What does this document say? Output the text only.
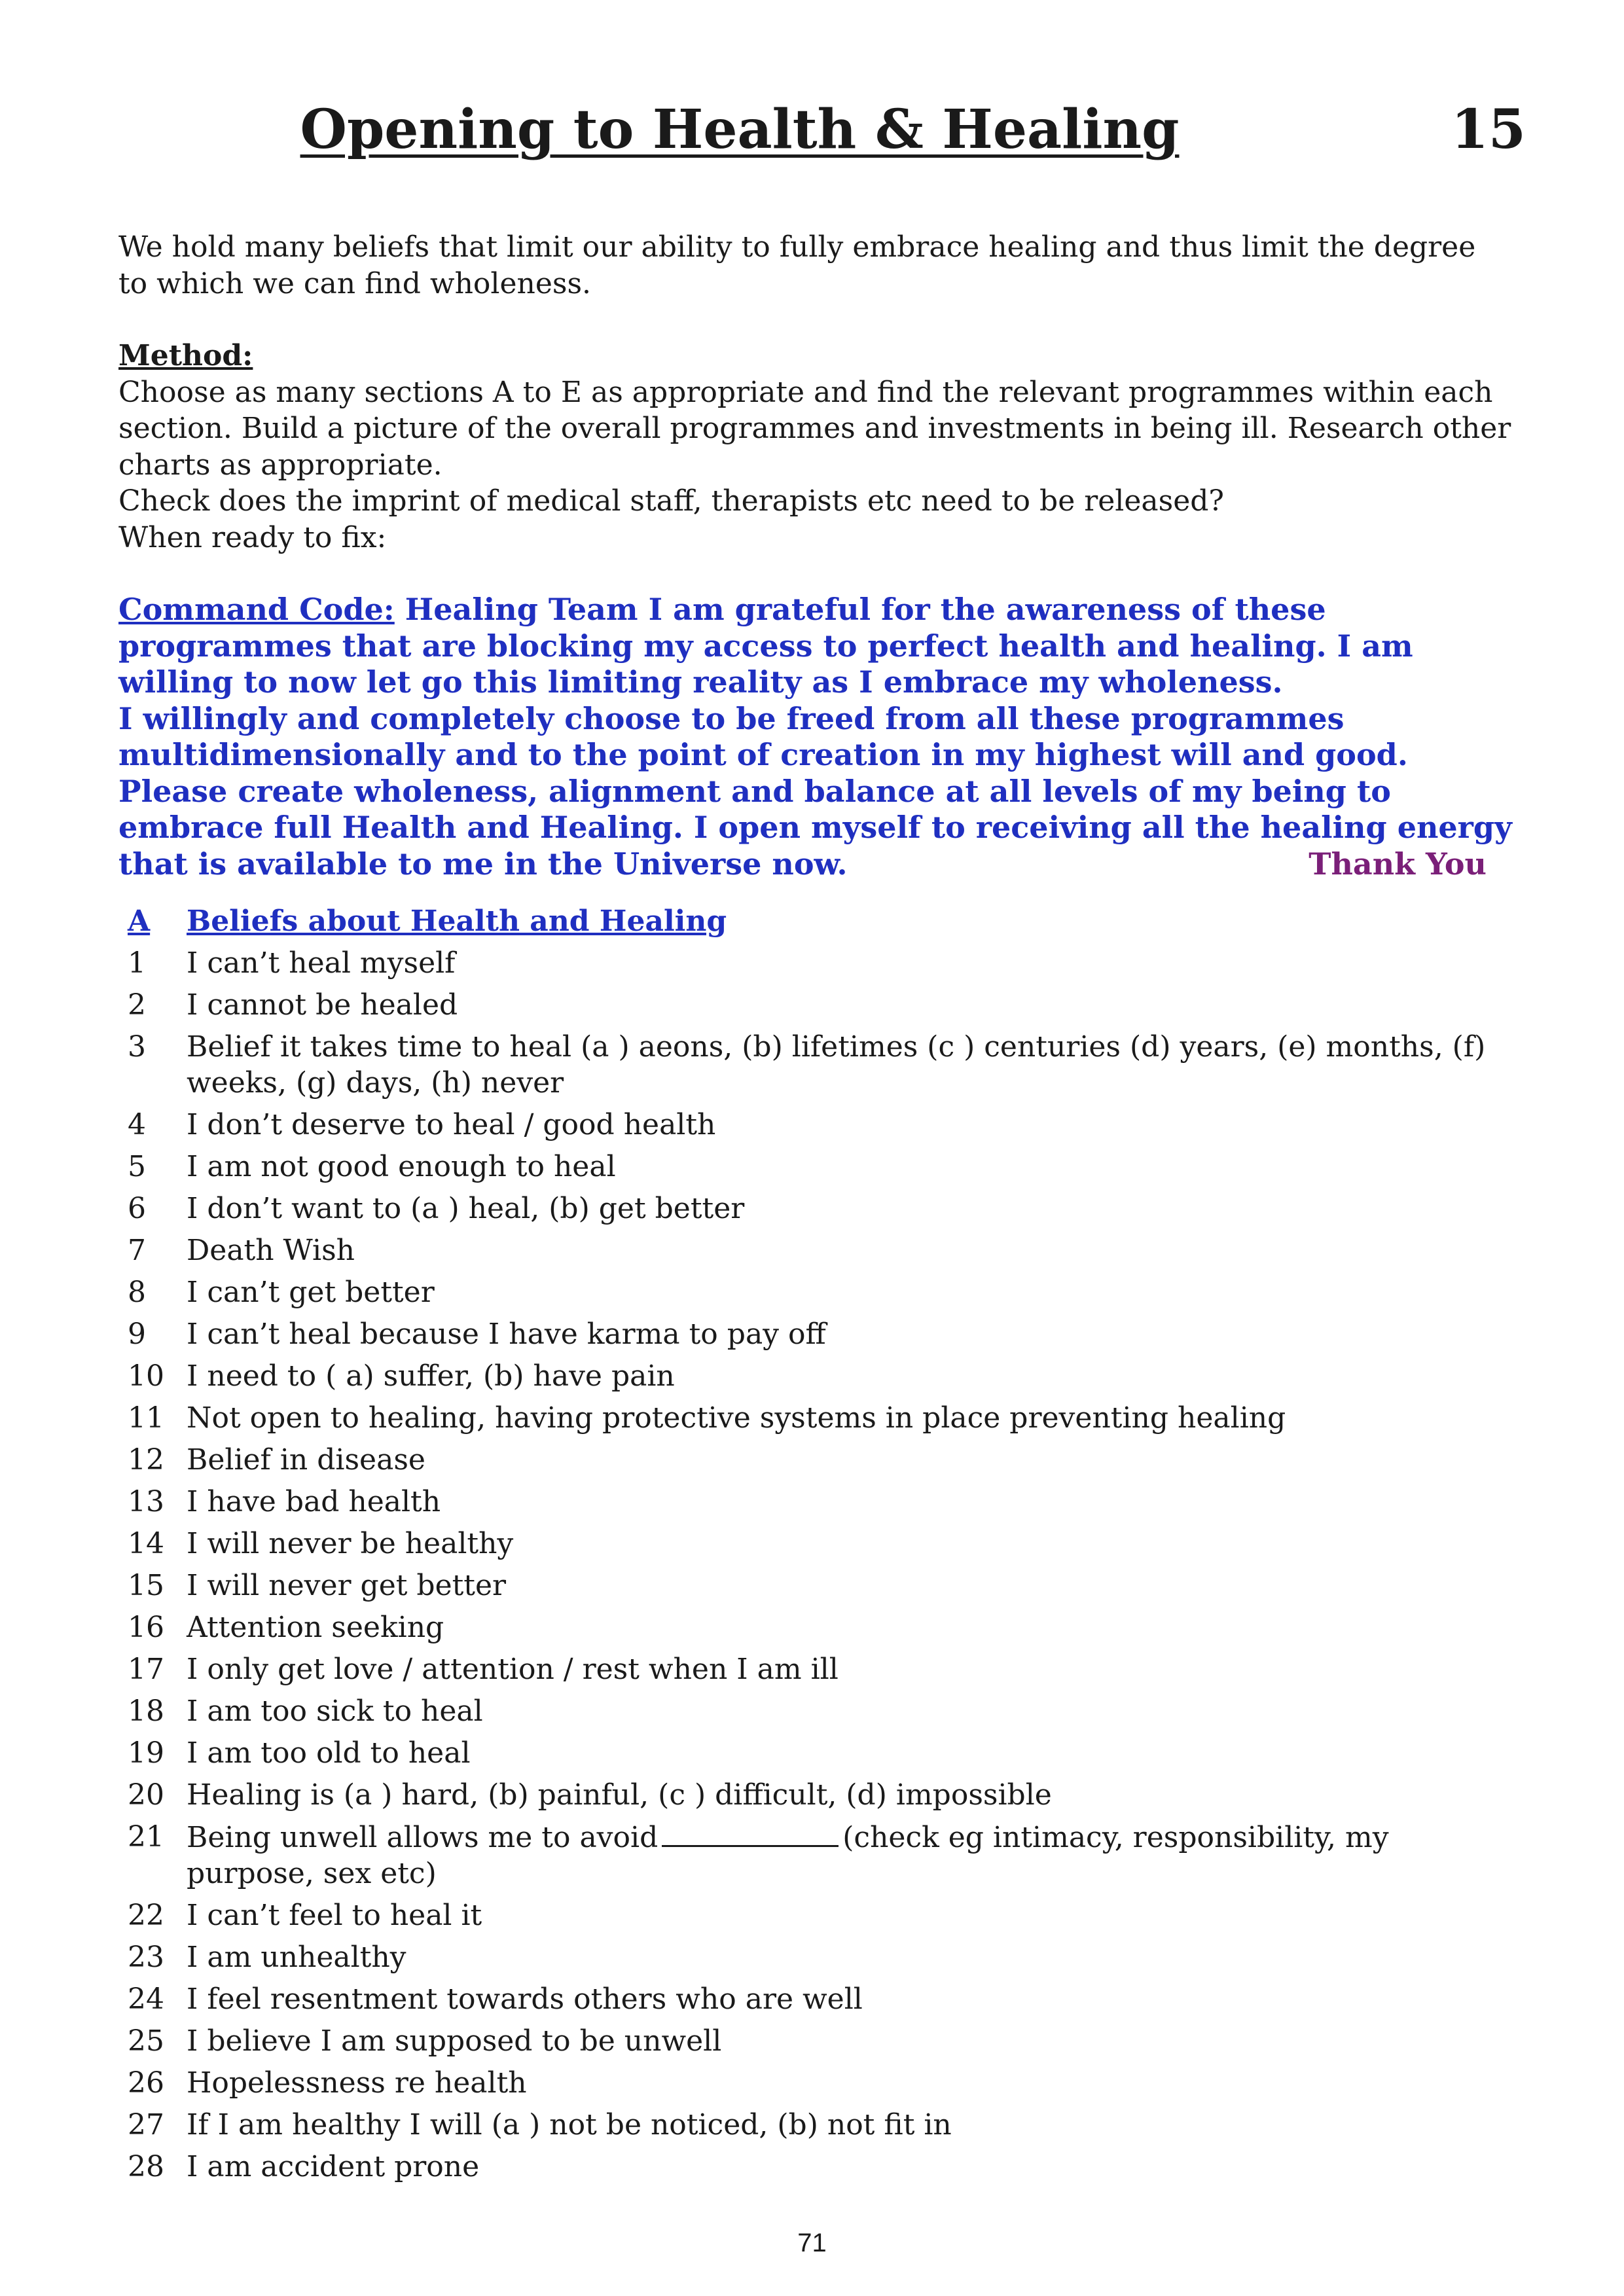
Opening to Health & Healing	15

We hold many beliefs that limit our ability to fully embrace healing and thus limit the degree to which we can find wholeness.

Method:

Choose as many sections A to E as appropriate and find the relevant programmes within each section. Build a picture of the overall programmes and investments in being ill. Research other charts as appropriate.

Check does the imprint of medical staff, therapists etc need to be released?

When ready to fix:

Command Code: Healing Team I am grateful for the awareness of these programmes that are blocking my access to perfect health and healing. I am willing to now let go this limiting reality as I embrace my wholeness.

I willingly and completely choose to be freed from all these programmes multidimensionally and to the point of creation in my highest will and good.

Please create wholeness, alignment and balance at all levels of my being to embrace full Health and Healing. I open myself to receiving all the healing energy that is available to me in the Universe now.	Thank You

A	Beliefs about Health and Healing
1	I can’t heal myself
2	I cannot be healed
3	Belief it takes time to heal (a ) aeons, (b) lifetimes (c ) centuries (d) years, (e) months, (f) weeks, (g) days, (h) never
4	I don’t deserve to heal / good health
5	I am not good enough to heal
6	I don’t want to (a ) heal, (b) get better
7	Death Wish
8	I can’t get better
9	I can’t heal because I have karma to pay off
10 I need to ( a) suffer, (b) have pain
11 Not open to healing, having protective systems in place preventing healing
12 Belief in disease
13 I have bad health
14 I will never be healthy
15 I will never get better
16 Attention seeking
17 I only get love / attention / rest when I am ill
18 I am too sick to heal
19 I am too old to heal
20 Healing is (a ) hard, (b) painful, (c ) difficult, (d) impossible
21 Being unwell allows me to avoid	(check eg intimacy, responsibility, my purpose, sex etc)
22 I can’t feel to heal it
23 I am unhealthy
24 I feel resentment towards others who are well
25 I believe I am supposed to be unwell
26 Hopelessness re health
27 If I am healthy I will (a ) not be noticed, (b) not fit in
28 I am accident prone
71
